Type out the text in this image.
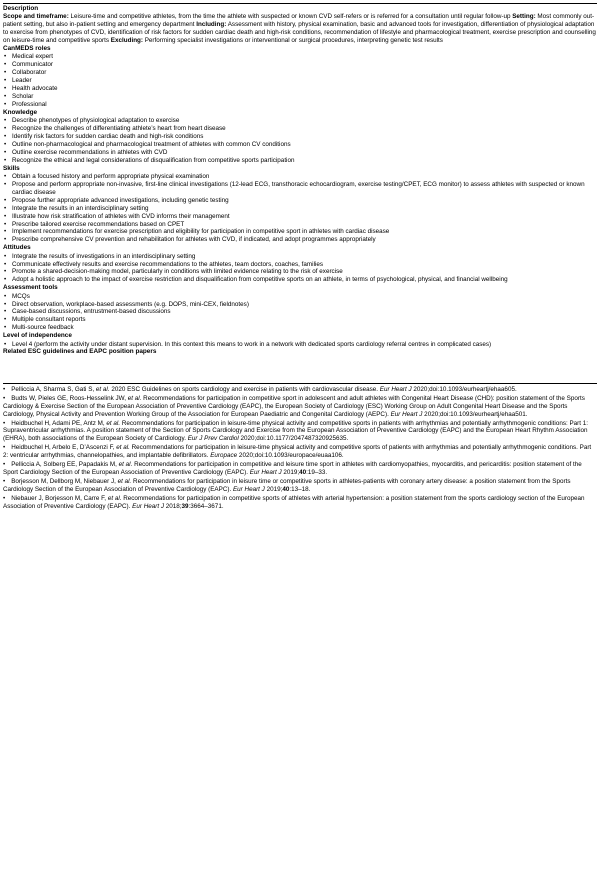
Description

Scope and timeframe: Leisure-time and competitive athletes, from the time the athlete with suspected or known CVD self-refers or is referred for a consultation until regular follow-up Setting: Most commonly out-patient setting, but also in-patient setting and emergency department Including: Assessment with history, physical examination, basic and advanced tools for investigation, differentiation of physiological adaptation to exercise from phenotypes of CVD, identification of risk factors for sudden cardiac death and high-risk conditions, recommendation of lifestyle and pharmacological treatment, exercise prescription and counselling on leisure-time and competitive sports Excluding: Performing specialist investigations or interventional or surgical procedures, interpreting genetic test results

CanMEDS roles
• Medical expert
• Communicator
• Collaborator
• Leader
• Health advocate
• Scholar
• Professional
Knowledge
• Describe phenotypes of physiological adaptation to exercise
• Recognize the challenges of differentiating athlete’s heart from heart disease
• Identify risk factors for sudden cardiac death and high-risk conditions
• Outline non-pharmacological and pharmacological treatment of athletes with common CV conditions
• Outline exercise recommendations in athletes with CVD
• Recognize the ethical and legal considerations of disqualification from competitive sports participation
Skills
• Obtain a focused history and perform appropriate physical examination
• Propose and perform appropriate non-invasive, first-line clinical investigations (12-lead ECG, transthoracic echocardiogram, exercise testing/CPET, ECG monitor) to assess athletes with suspected or known cardiac disease
• Propose further appropriate advanced investigations, including genetic testing
• Integrate the results in an interdisciplinary setting
• Illustrate how risk stratification of athletes with CVD informs their management
• Prescribe tailored exercise recommendations based on CPET
• Implement recommendations for exercise prescription and eligibility for participation in competitive sport in athletes with cardiac disease
• Prescribe comprehensive CV prevention and rehabilitation for athletes with CVD, if indicated, and adopt programmes appropriately
Attitudes
• Integrate the results of investigations in an interdisciplinary setting
• Communicate effectively results and exercise recommendations to the athletes, team doctors, coaches, families
• Promote a shared-decision-making model, particularly in conditions with limited evidence relating to the risk of exercise
• Adopt a holistic approach to the impact of exercise restriction and disqualification from competitive sports on an athlete, in terms of psychological, physical, and financial wellbeing
Assessment tools
• MCQs
• Direct observation, workplace-based assessments (e.g. DOPS, mini-CEX, fieldnotes)
• Case-based discussions, entrustment-based discussions
• Multiple consultant reports
• Multi-source feedback
Level of independence
• Level 4 (perform the activity under distant supervision. In this context this means to work in a network with dedicated sports cardiology referral centres in complicated cases)
Related ESC guidelines and EAPC position papers
• Pelliccia A, Sharma S, Gati S, et al. 2020 ESC Guidelines on sports cardiology and exercise in patients with cardiovascular disease. Eur Heart J 2020;doi:10.1093/eurheartj/ehaa605.
• Budts W, Pieles GE, Roos-Hesselink JW, et al. Recommendations for participation in competitive sport in adolescent and adult athletes with Congenital Heart Disease (CHD): position statement of the Sports Cardiology & Exercise Section of the European Association of Preventive Cardiology (EAPC), the European Society of Cardiology (ESC) Working Group on Adult Congenital Heart Disease and the Sports Cardiology, Physical Activity and Prevention Working Group of the Association for European Paediatric and Congenital Cardiology (AEPC). Eur Heart J 2020;doi:10.1093/eurheartj/ehaa501.
• Heidbuchel H, Adami PE, Antz M, et al. Recommendations for participation in leisure-time physical activity and competitive sports in patients with arrhythmias and potentially arrhythmogenic conditions: Part 1: Supraventricular arrhythmias. A position statement of the Section of Sports Cardiology and Exercise from the European Association of Preventive Cardiology (EAPC) and the European Heart Rhythm Association (EHRA), both associations of the European Society of Cardiology. Eur J Prev Cardiol 2020;doi:10.1177/2047487320925635.
• Heidbuchel H, Arbelo E, D’Ascenzi F, et al. Recommendations for participation in leisure-time physical activity and competitive sports of patients with arrhythmias and potentially arrhythmogenic conditions. Part 2: ventricular arrhythmias, channelopathies, and implantable defibrillators. Europace 2020;doi:10.1093/europace/euaa106.
• Pelliccia A, Solberg EE, Papadakis M, et al. Recommendations for participation in competitive and leisure time sport in athletes with cardiomyopathies, myocarditis, and pericarditis: position statement of the Sport Cardiology Section of the European Association of Preventive Cardiology (EAPC). Eur Heart J 2019;40:19–33.
• Borjesson M, Dellborg M, Niebauer J, et al. Recommendations for participation in leisure time or competitive sports in athletes-patients with coronary artery disease: a position statement from the Sports Cardiology Section of the European Association of Preventive Cardiology (EAPC). Eur Heart J 2019;40:13–18.
• Niebauer J, Borjesson M, Carre F, et al. Recommendations for participation in competitive sports of athletes with arterial hypertension: a position statement from the sports cardiology section of the European Association of Preventive Cardiology (EAPC). Eur Heart J 2018;39:3664–3671.
